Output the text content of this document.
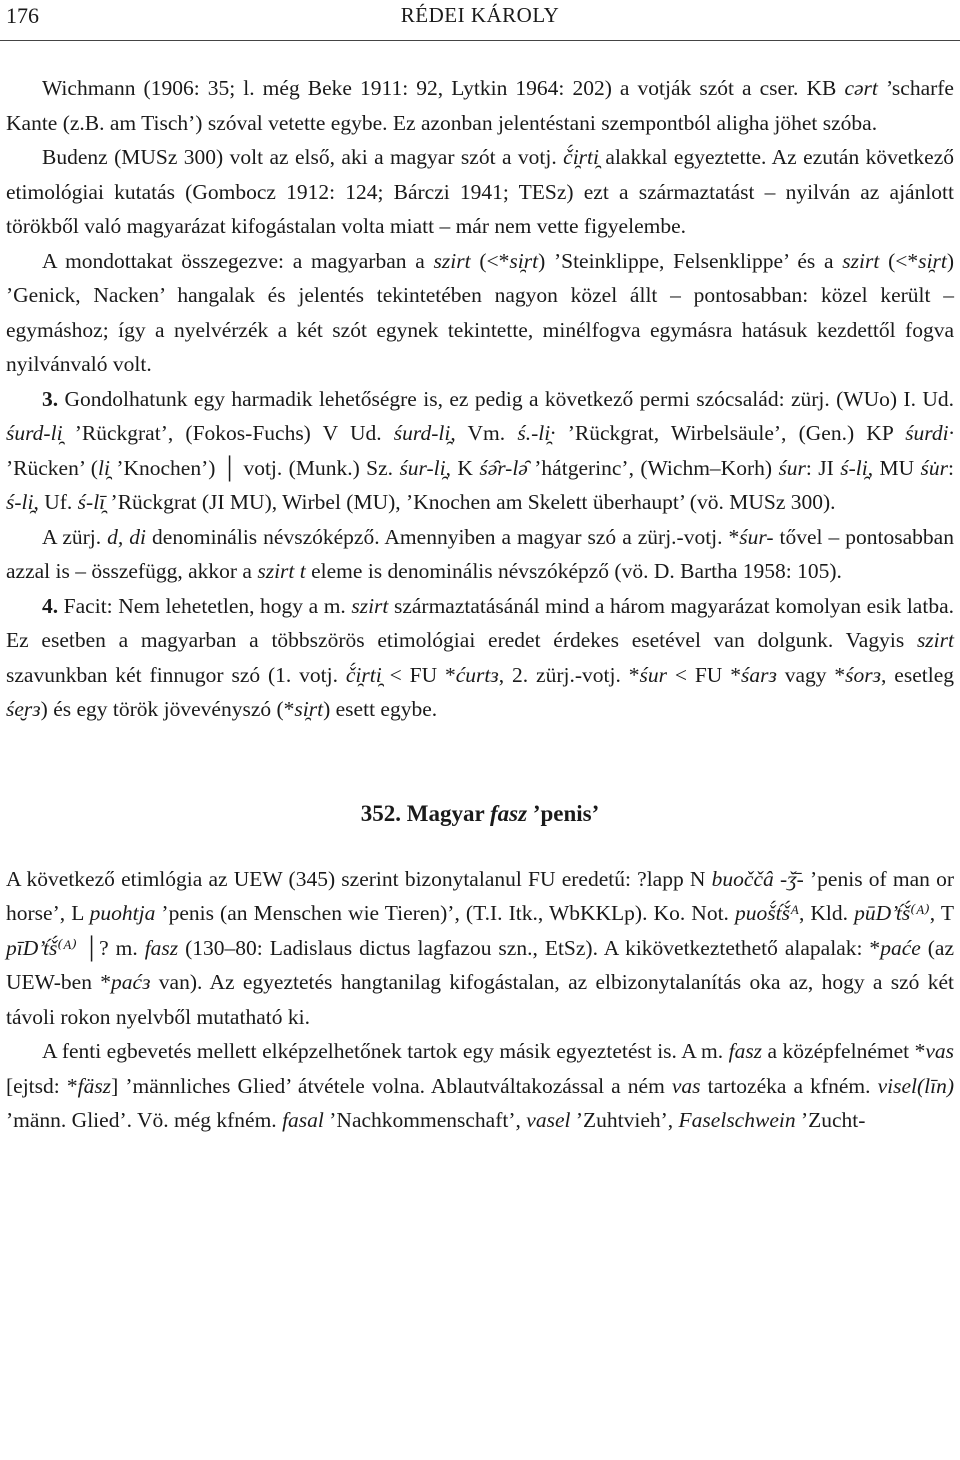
176	RÉDEI KÁROLY

Wichmann (1906: 35; l. még Beke 1911: 92, Lytkin 1964: 202) a votják szót a cser. KB cərt ’scharfe Kante (z.B. am Tisch’) szóval vetette egybe. Ez azonban jelentéstani szempontból aligha jöhet szóba.

Budenz (MUSz 300) volt az első, aki a magyar szót a votj. č́i̯rti̯ alakkal egyeztette. Az ezután következő etimológiai kutatás (Gombocz 1912: 124; Bárczi 1941; TESz) ezt a származtatást – nyilván az ajánlott törökből való magyarázat kifogástalan volta miatt – már nem vette figyelembe.

A mondottakat összegezve: a magyarban a szirt (<*si̯rt) ’Steinklippe, Felsenklippe’ és a szirt (<*si̯rt) ’Genick, Nacken’ hangalak és jelentés tekintetében nagyon közel állt – pontosabban: közel került – egymáshoz; így a nyelvérzék a két szót egynek tekintette, minélfogva egymásra hatásuk kezdettől fogva nyilvánvaló volt.

3. Gondolhatunk egy harmadik lehetőségre is, ez pedig a következő permi szócsalád: zürj. (WUo) I. Ud. śurd-li̯ ’Rückgrat’, (Fokos-Fuchs) V Ud. śurd-li̯, Vm. ś.-li̯· ’Rückgrat, Wirbelsäule’, (Gen.) KP śurdi· ’Rücken’ (li̯ ’Knochen’) │ votj. (Munk.) Sz. śur-li̯, K śə̑r-lə̑ ’hátgerinc’, (Wichm–Korh) śur: JI ś-li̯, MU śu̇r: ś-li̯, Uf. ś-lī̯ ’Rückgrat (JI MU), Wirbel (MU), ’Knochen am Skelett überhaupt’ (vö. MUSz 300).

A zürj. d, di denominális névszóképző. Amennyiben a magyar szó a zürj.-votj. *śur- tővel – pontosabban azzal is – összefügg, akkor a szirt t eleme is denominális névszóképző (vö. D. Bartha 1958: 105).

4. Facit: Nem lehetetlen, hogy a m. szirt származtatásánál mind a három magyarázat komolyan esik latba. Ez esetben a magyarban a többszörös etimológiai eredet érdekes esetével van dolgunk. Vagyis szirt szavunkban két finnugor szó (1. votj. č́i̯rti̯ < FU *ćurtз, 2. zürj.-votj. *śur < FU *śarз vagy *śorз, esetleg śe̮rз) és egy török jövevényszó (*si̯rt) esett egybe.

352. Magyar fasz ’penis’

A következő etimlógia az UEW (345) szerint bizonytalanul FU eredetű: ?lapp N buoččâ -ǯ̄- ’penis of man or horse’, L puohtja ’penis (an Menschen wie Tieren)’, (T.I. Itk., WbKKLp). Ko. Not. puoš́t́š́ᴬ, Kld. pūD’t́š́⁽ᴬ⁾, T pīD’t́š́⁽ᴬ⁾ │? m. fasz (130–80: Ladislaus dictus lagfazou szn., EtSz). A kikövetkeztethető alapalak: *paće (az UEW-ben *paćз van). Az egyeztetés hangtanilag kifogástalan, az elbizonytalanítás oka az, hogy a szó két távoli rokon nyelvből mutatható ki.

A fenti egbevetés mellett elképzelhetőnek tartok egy másik egyeztetést is. A m. fasz a középfelnémet *vas [ejtsd: *fäsz] ’männliches Glied’ átvétele volna. Ablautváltakozással a ném vas tartozéka a kfném. visel(līn) ’männ. Glied’. Vö. még kfném. fasal ’Nachkommenschaft’, vasel ’Zuhtvieh’, Faselschwein ’Zucht-
